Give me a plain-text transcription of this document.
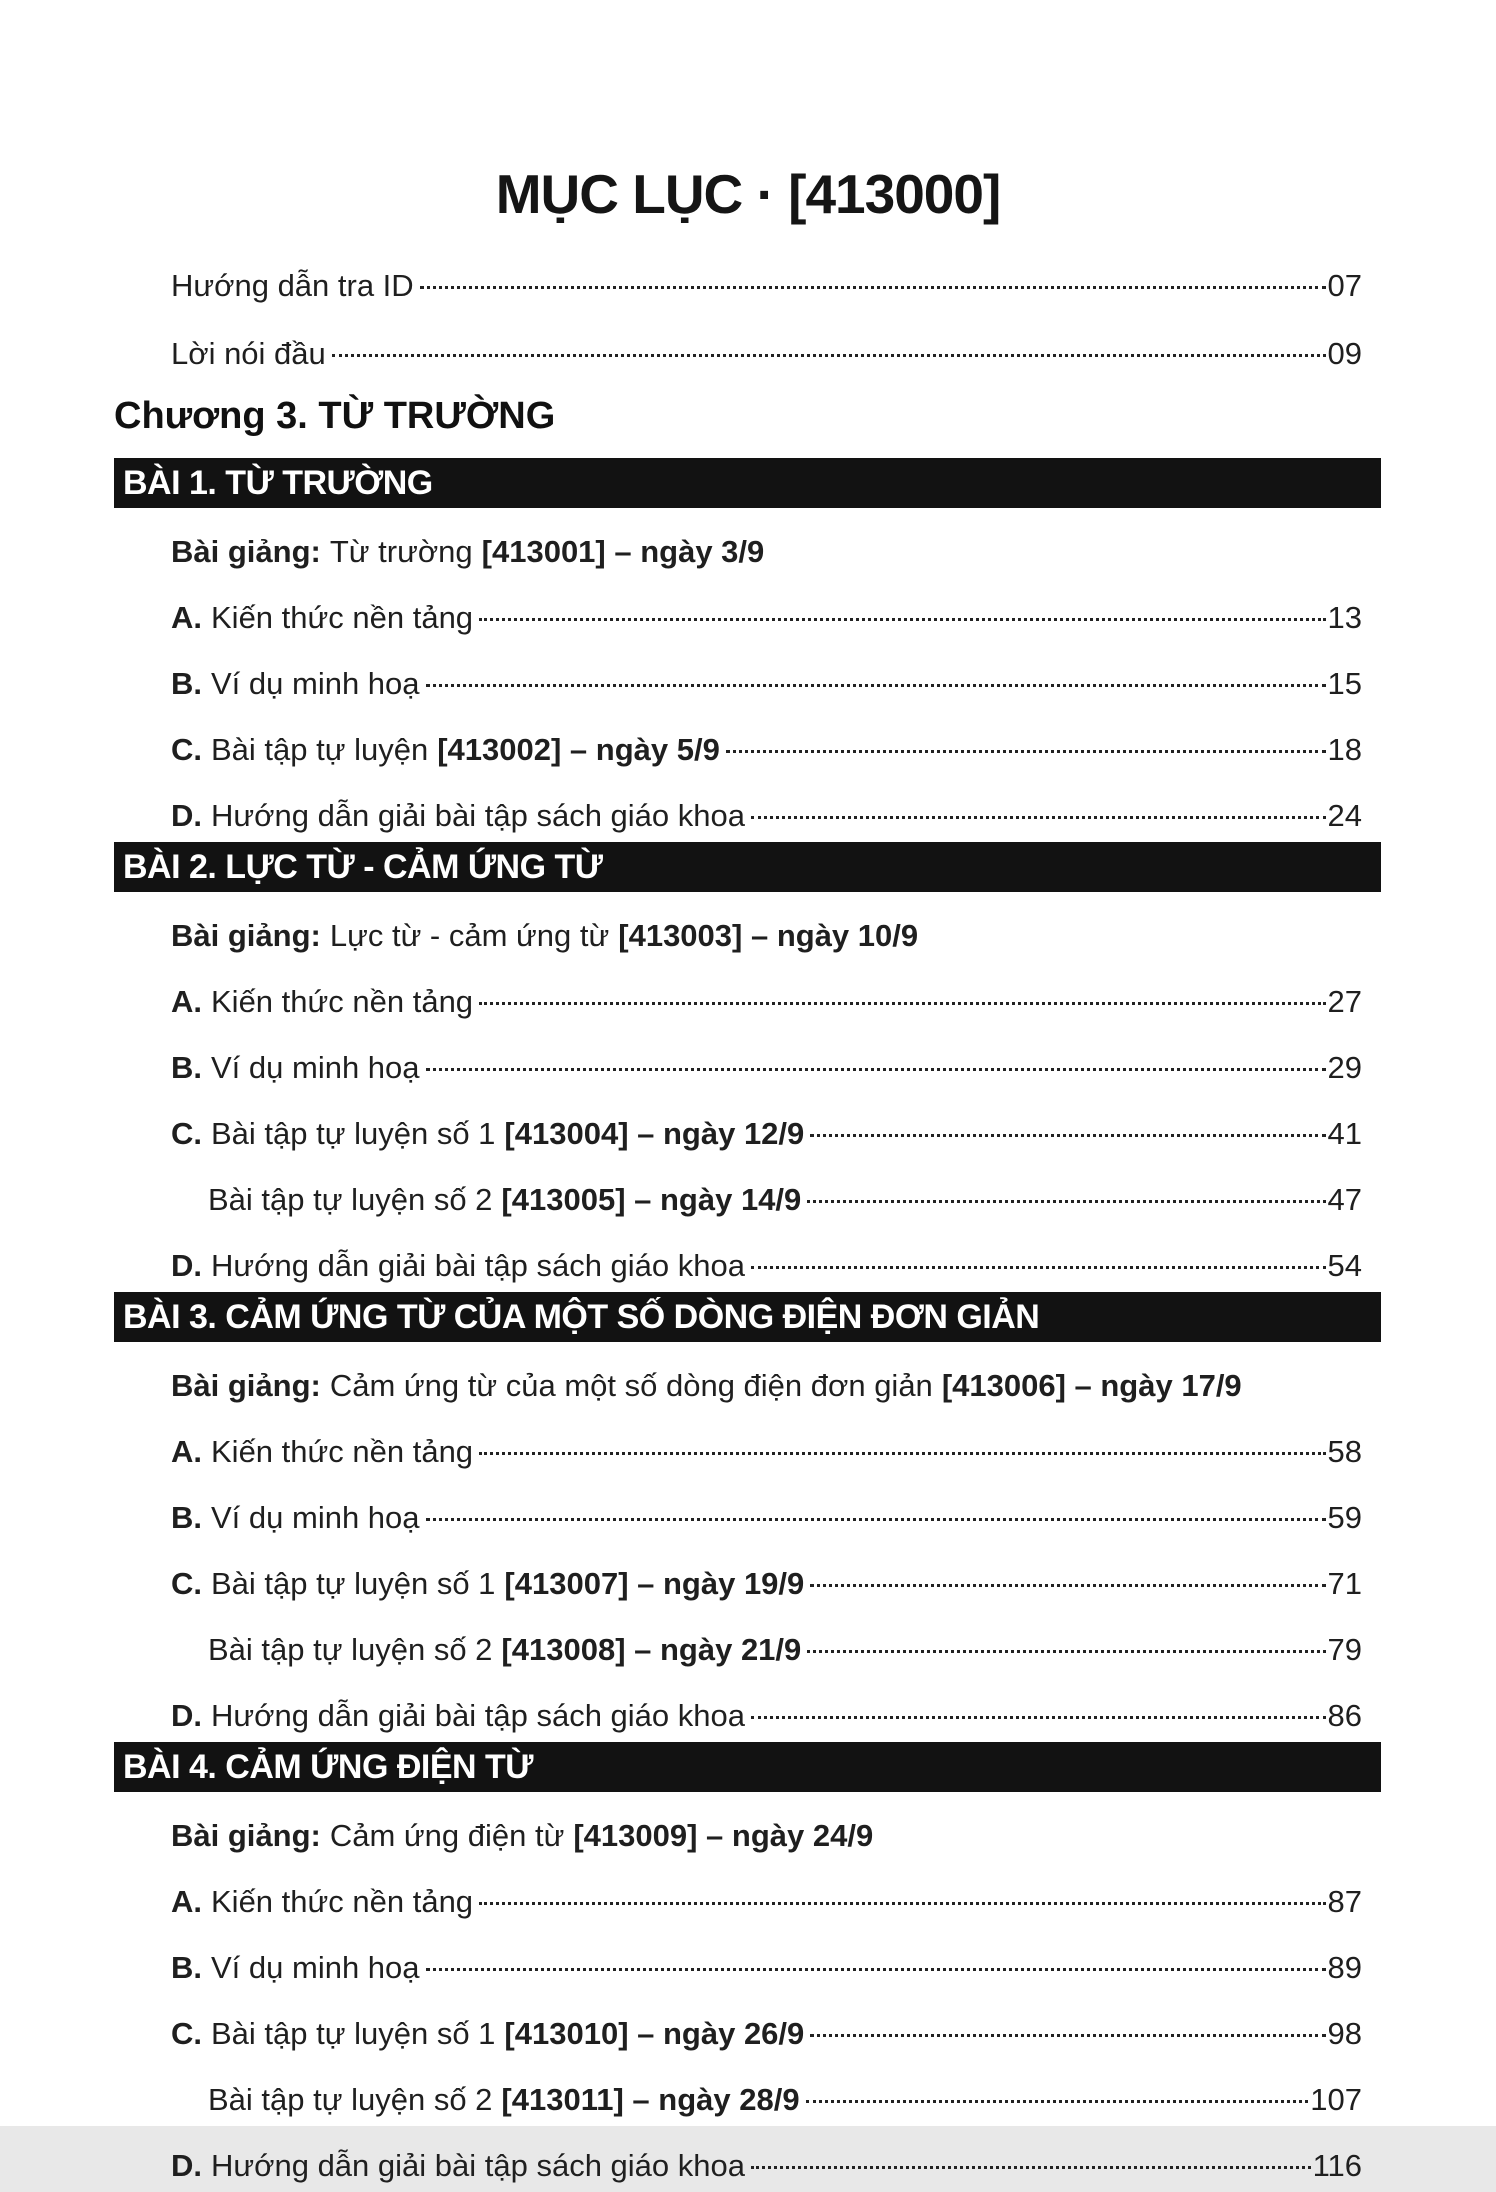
MỤC LỤC · [413000]
Hướng dẫn tra ID	07
Lời nói đầu	09
Chương 3. TỪ TRƯỜNG
BÀI 1. TỪ TRƯỜNG
Bài giảng: Từ trường [413001] – ngày 3/9
A. Kiến thức nền tảng	13
B. Ví dụ minh hoạ	15
C. Bài tập tự luyện [413002] – ngày 5/9	18
D. Hướng dẫn giải bài tập sách giáo khoa	24
BÀI 2. LỰC TỪ - CẢM ỨNG TỪ
Bài giảng: Lực từ - cảm ứng từ [413003] – ngày 10/9
A. Kiến thức nền tảng	27
B. Ví dụ minh hoạ	29
C. Bài tập tự luyện số 1 [413004] – ngày 12/9	41
Bài tập tự luyện số 2 [413005] – ngày 14/9	47
D. Hướng dẫn giải bài tập sách giáo khoa	54
BÀI 3. CẢM ỨNG TỪ CỦA MỘT SỐ DÒNG ĐIỆN ĐƠN GIẢN
Bài giảng: Cảm ứng từ của một số dòng điện đơn giản [413006] – ngày 17/9
A. Kiến thức nền tảng	58
B. Ví dụ minh hoạ	59
C. Bài tập tự luyện số 1 [413007] – ngày 19/9	71
Bài tập tự luyện số 2 [413008] – ngày 21/9	79
D. Hướng dẫn giải bài tập sách giáo khoa	86
BÀI 4. CẢM ỨNG ĐIỆN TỪ
Bài giảng: Cảm ứng điện từ [413009] – ngày 24/9
A. Kiến thức nền tảng	87
B. Ví dụ minh hoạ	89
C. Bài tập tự luyện số 1 [413010] – ngày 26/9	98
Bài tập tự luyện số 2 [413011] – ngày 28/9	107
D. Hướng dẫn giải bài tập sách giáo khoa	116
